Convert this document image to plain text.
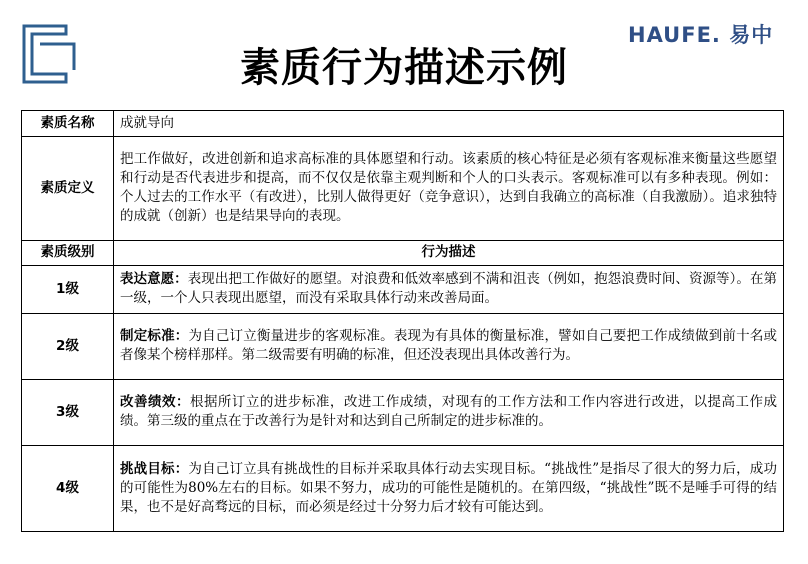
素质行为描述示例
HAUFE. 易中
素质名称	成就导向
素质定义	把工作做好，改进创新和追求高标准的具体愿望和行动。该素质的核心特征是必须有客观标准来衡量这些愿望和行动是否代表进步和提高，而不仅仅是依靠主观判断和个人的口头表示。客观标准可以有多种表现。例如：个人过去的工作水平（有改进），比别人做得更好（竞争意识），达到自我确立的高标准（自我激励）。追求独特的成就（创新）也是结果导向的表现。
素质级别	行为描述
1级	表达意愿：表现出把工作做好的愿望。对浪费和低效率感到不满和沮丧（例如，抱怨浪费时间、资源等）。在第一级，一个人只表现出愿望，而没有采取具体行动来改善局面。
2级	制定标准：为自己订立衡量进步的客观标准。表现为有具体的衡量标准，譬如自己要把工作成绩做到前十名或者像某个榜样那样。第二级需要有明确的标准，但还没表现出具体改善行为。
3级	改善绩效：根据所订立的进步标准，改进工作成绩，对现有的工作方法和工作内容进行改进，以提高工作成绩。第三级的重点在于改善行为是针对和达到自己所制定的进步标准的。
4级	挑战目标：为自己订立具有挑战性的目标并采取具体行动去实现目标。“挑战性”是指尽了很大的努力后，成功的可能性为80%左右的目标。如果不努力，成功的可能性是随机的。在第四级，“挑战性”既不是唾手可得的结果，也不是好高骛远的目标，而必须是经过十分努力后才较有可能达到。
